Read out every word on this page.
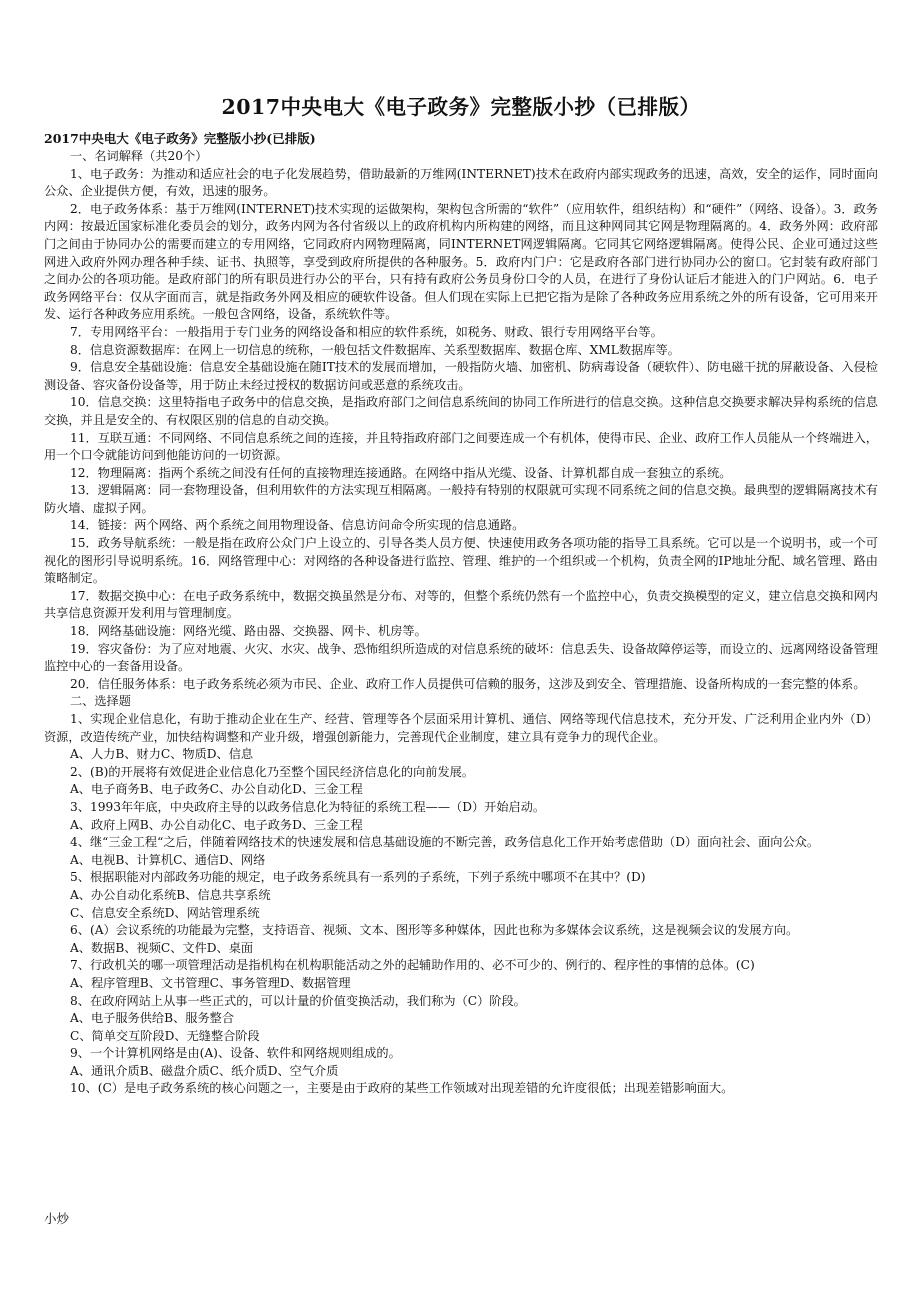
2017中央电大《电子政务》完整版小抄（已排版）

2017中央电大《电子政务》完整版小抄(已排版)

一、名词解释（共20个）

1、电子政务：为推动和适应社会的电子化发展趋势，借助最新的万维网(INTERNET)技术在政府内部实现政务的迅速，高效，安全的运作，同时面向公众、企业提供方便，有效，迅速的服务。

2．电子政务体系：基于万维网(INTERNET)技术实现的运做架构，架构包含所需的“软件”（应用软件，组织结构）和“硬件”（网络、设备）。3．政务内网：按最近国家标准化委员会的划分，政务内网为各付省级以上的政府机构内所构建的网络，而且这种网同其它网是物理隔离的。4．政务外网：政府部门之间由于协同办公的需要而建立的专用网络，它同政府内网物理隔离，同INTERNET网逻辑隔离。它同其它网络逻辑隔离。使得公民、企业可通过这些网进入政府外网办理各种手续、证书、执照等，享受到政府所提供的各种服务。5．政府内门户：它是政府各部门进行协同办公的窗口。它封装有政府部门之间办公的各项功能。是政府部门的所有职员进行办公的平台，只有持有政府公务员身份口令的人员，在进行了身份认证后才能进入的门户网站。6．电子政务网络平台：仅从字面而言，就是指政务外网及相应的硬软件设备。但人们现在实际上已把它指为是除了各种政务应用系统之外的所有设备，它可用来开发、运行各种政务应用系统。一般包含网络，设备，系统软件等。

7．专用网络平台：一般指用于专门业务的网络设备和相应的软件系统，如税务、财政、银行专用网络平台等。

8．信息资源数据库：在网上一切信息的统称，一般包括文件数据库、关系型数据库、数据仓库、XML数据库等。

9．信息安全基础设施：信息安全基础设施在随IT技术的发展而增加，一般指防火墙、加密机、防病毒设备（硬软件）、防电磁干扰的屏蔽设备、入侵检测设备、容灾备份设备等，用于防止未经过授权的数据访问或恶意的系统攻击。

10．信息交换：这里特指电子政务中的信息交换，是指政府部门之间信息系统间的协同工作所进行的信息交换。这种信息交换要求解决异构系统的信息交换，并且是安全的、有权限区别的信息的自动交换。

11．互联互通：不同网络、不同信息系统之间的连接，并且特指政府部门之间要连成一个有机体，使得市民、企业、政府工作人员能从一个终端进入，用一个口令就能访问到他能访问的一切资源。

12．物理隔离：指两个系统之间没有任何的直接物理连接通路。在网络中指从光缆、设备、计算机都自成一套独立的系统。

13．逻辑隔离：同一套物理设备，但利用软件的方法实现互相隔离。一般持有特别的权限就可实现不同系统之间的信息交换。最典型的逻辑隔离技术有防火墙、虚拟子网。

14．链接：两个网络、两个系统之间用物理设备、信息访问命令所实现的信息通路。

15．政务导航系统：一般是指在政府公众门户上设立的、引导各类人员方便、快速使用政务各项功能的指导工具系统。它可以是一个说明书，或一个可视化的图形引导说明系统。16．网络管理中心：对网络的各种设备进行监控、管理、维护的一个组织或一个机构，负责全网的IP地址分配、域名管理、路由策略制定。

17．数据交换中心：在电子政务系统中，数据交换虽然是分布、对等的，但整个系统仍然有一个监控中心，负责交换模型的定义，建立信息交换和网内共享信息资源开发利用与管理制度。

18．网络基础设施：网络光缆、路由器、交换器、网卡、机房等。

19．容灾备份：为了应对地震、火灾、水灾、战争、恐怖组织所造成的对信息系统的破坏：信息丢失、设备故障停运等，而设立的、远离网络设备管理监控中心的一套备用设备。

20．信任服务体系：电子政务系统必须为市民、企业、政府工作人员提供可信赖的服务，这涉及到安全、管理措施、设备所构成的一套完整的体系。

二、选择题

1、实现企业信息化，有助于推动企业在生产、经营、管理等各个层面采用计算机、通信、网络等现代信息技术，充分开发、广泛利用企业内外（D）资源，改造传统产业，加快结构调整和产业升级，增强创新能力，完善现代企业制度，建立具有竞争力的现代企业。

A、人力B、财力C、物质D、信息

2、(B)的开展将有效促进企业信息化乃至整个国民经济信息化的向前发展。

A、电子商务B、电子政务C、办公自动化D、三金工程

3、1993年年底，中央政府主导的以政务信息化为特征的系统工程——（D）开始启动。

A、政府上网B、办公自动化C、电子政务D、三金工程

4、继“三金工程“之后，伴随着网络技术的快速发展和信息基础设施的不断完善，政务信息化工作开始考虑借助（D）面向社会、面向公众。

A、电视B、计算机C、通信D、网络

5、根据职能对内部政务功能的规定，电子政务系统具有一系列的子系统，下列子系统中哪项不在其中？(D)

A、办公自动化系统B、信息共享系统

C、信息安全系统D、网站管理系统

6、(A）会议系统的功能最为完整，支持语音、视频、文本、图形等多种媒体，因此也称为多媒体会议系统，这是视频会议的发展方向。

A、数据B、视频C、文件D、桌面

7、行政机关的哪一项管理活动是指机构在机构职能活动之外的起辅助作用的、必不可少的、例行的、程序性的事情的总体。(C)

A、程序管理B、文书管理C、事务管理D、数据管理

8、在政府网站上从事一些正式的，可以计量的价值变换活动，我们称为（C）阶段。

A、电子服务供给B、服务整合

C、简单交互阶段D、无缝整合阶段

9、一个计算机网络是由(A)、设备、软件和网络规则组成的。

A、通讯介质B、磁盘介质C、纸介质D、空气介质

10、(C）是电子政务系统的核心问题之一，主要是由于政府的某些工作领域对出现差错的允许度很低；出现差错影响面大。

小炒
